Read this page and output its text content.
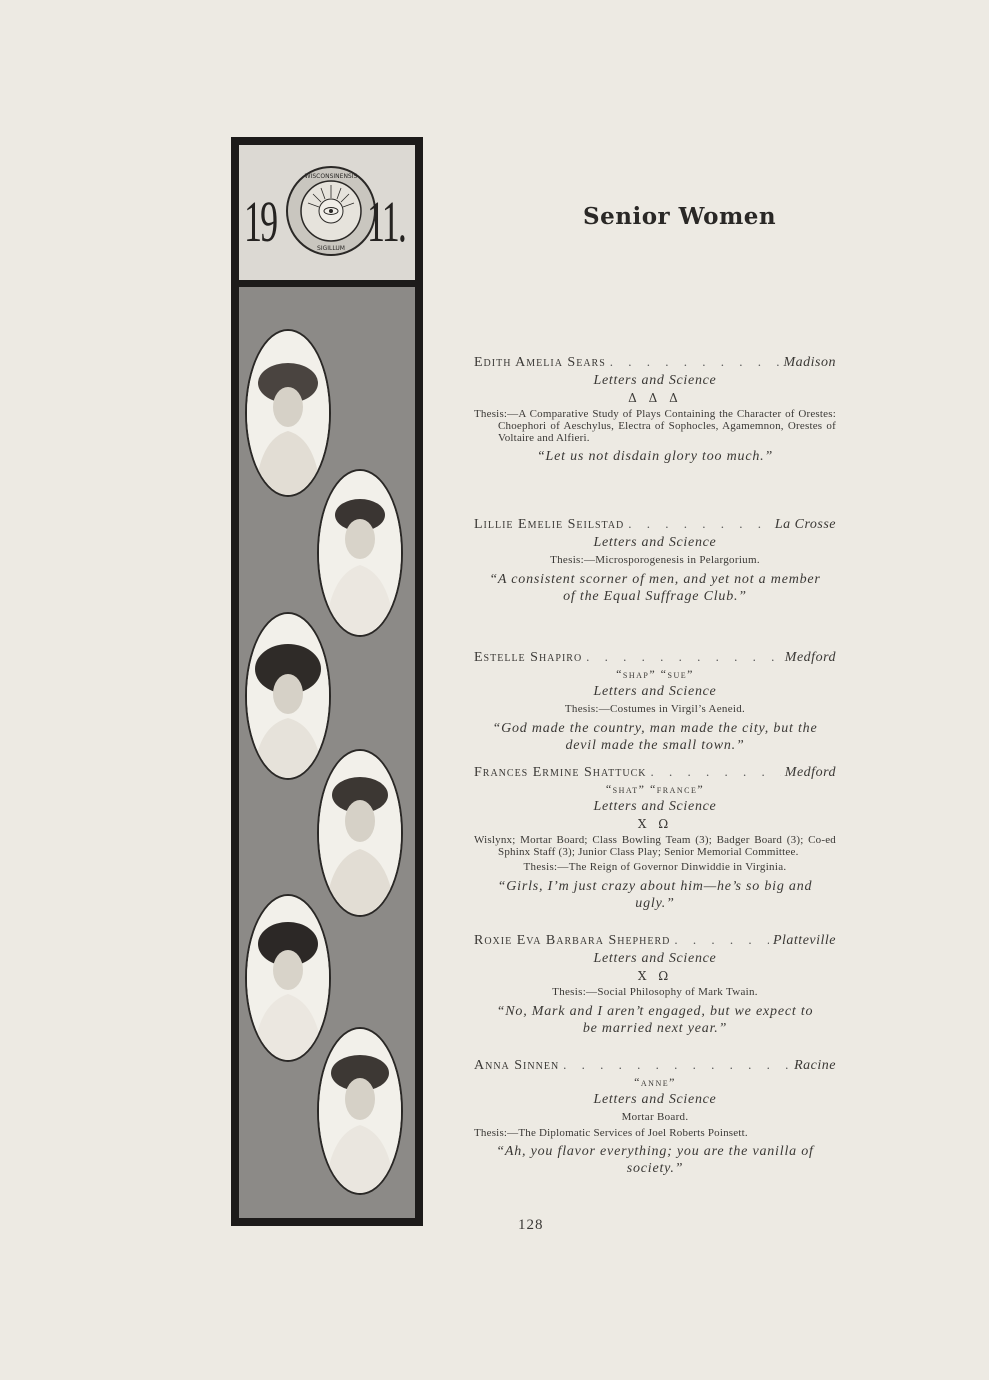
19
WISCONSINENSIS
SIGILLUM 11.	Senior Women
Edith Amelia Sears . . .	Madison
Letters and Science
Δ Δ Δ
Thesis:—A Comparative Study of Plays Containing the Character of Orestes: Choephori of Aeschylus, Electra of Sophocles, Agamemnon, Orestes of Voltaire and Alfieri.
“Let us not disdain glory too much.”
Lillie Emelie Seilstad . . .	La Crosse
Letters and Science
Thesis:—Microsporogenesis in Pelargorium.
“A consistent scorner of men, and yet not a member of the Equal Suffrage Club.”
Estelle Shapiro . . .	Medford
“shap” “sue”
Letters and Science
Thesis:—Costumes in Virgil’s Aeneid.
“God made the country, man made the city, but the devil made the small town.”
Frances Ermine Shattuck . . .	Medford
“shat” “france”
Letters and Science
X Ω
Wislynx; Mortar Board; Class Bowling Team (3); Badger Board (3); Co-ed Sphinx Staff (3); Junior Class Play; Senior Memorial Committee.
Thesis:—The Reign of Governor Dinwiddie in Virginia.
“Girls, I’m just crazy about him—he’s so big and ugly.”
Roxie Eva Barbara Shepherd . . .	Platteville
Letters and Science
X Ω
Thesis:—Social Philosophy of Mark Twain.
“No, Mark and I aren’t engaged, but we expect to be married next year.”
Anna Sinnen . . .	Racine
“anne”
Letters and Science
Mortar Board.
Thesis:—The Diplomatic Services of Joel Roberts Poinsett.
“Ah, you flavor everything; you are the vanilla of society.”
128
